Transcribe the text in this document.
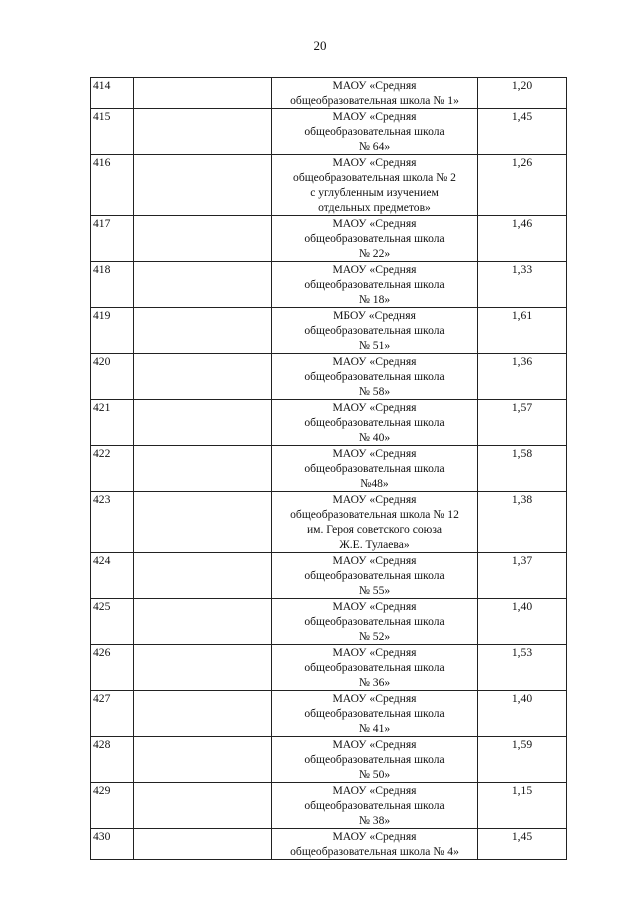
20
414		МАОУ «Средняя
общеобразовательная школа № 1»	1,20
415		МАОУ «Средняя
общеобразовательная школа
№ 64»	1,45
416		МАОУ «Средняя
общеобразовательная школа № 2
с углубленным изучением
отдельных предметов»	1,26
417		МАОУ «Средняя
общеобразовательная школа
№ 22»	1,46
418		МАОУ «Средняя
общеобразовательная школа
№ 18»	1,33
419		МБОУ «Средняя
общеобразовательная школа
№ 51»	1,61
420		МАОУ «Средняя
общеобразовательная школа
№ 58»	1,36
421		МАОУ «Средняя
общеобразовательная школа
№ 40»	1,57
422		МАОУ «Средняя
общеобразовательная школа
№48»	1,58
423		МАОУ «Средняя
общеобразовательная школа № 12
им. Героя советского союза
Ж.Е. Тулаева»	1,38
424		МАОУ «Средняя
общеобразовательная школа
№ 55»	1,37
425		МАОУ «Средняя
общеобразовательная школа
№ 52»	1,40
426		МАОУ «Средняя
общеобразовательная школа
№ 36»	1,53
427		МАОУ «Средняя
общеобразовательная школа
№ 41»	1,40
428		МАОУ «Средняя
общеобразовательная школа
№ 50»	1,59
429		МАОУ «Средняя
общеобразовательная школа
№ 38»	1,15
430		МАОУ «Средняя
общеобразовательная школа № 4»	1,45
